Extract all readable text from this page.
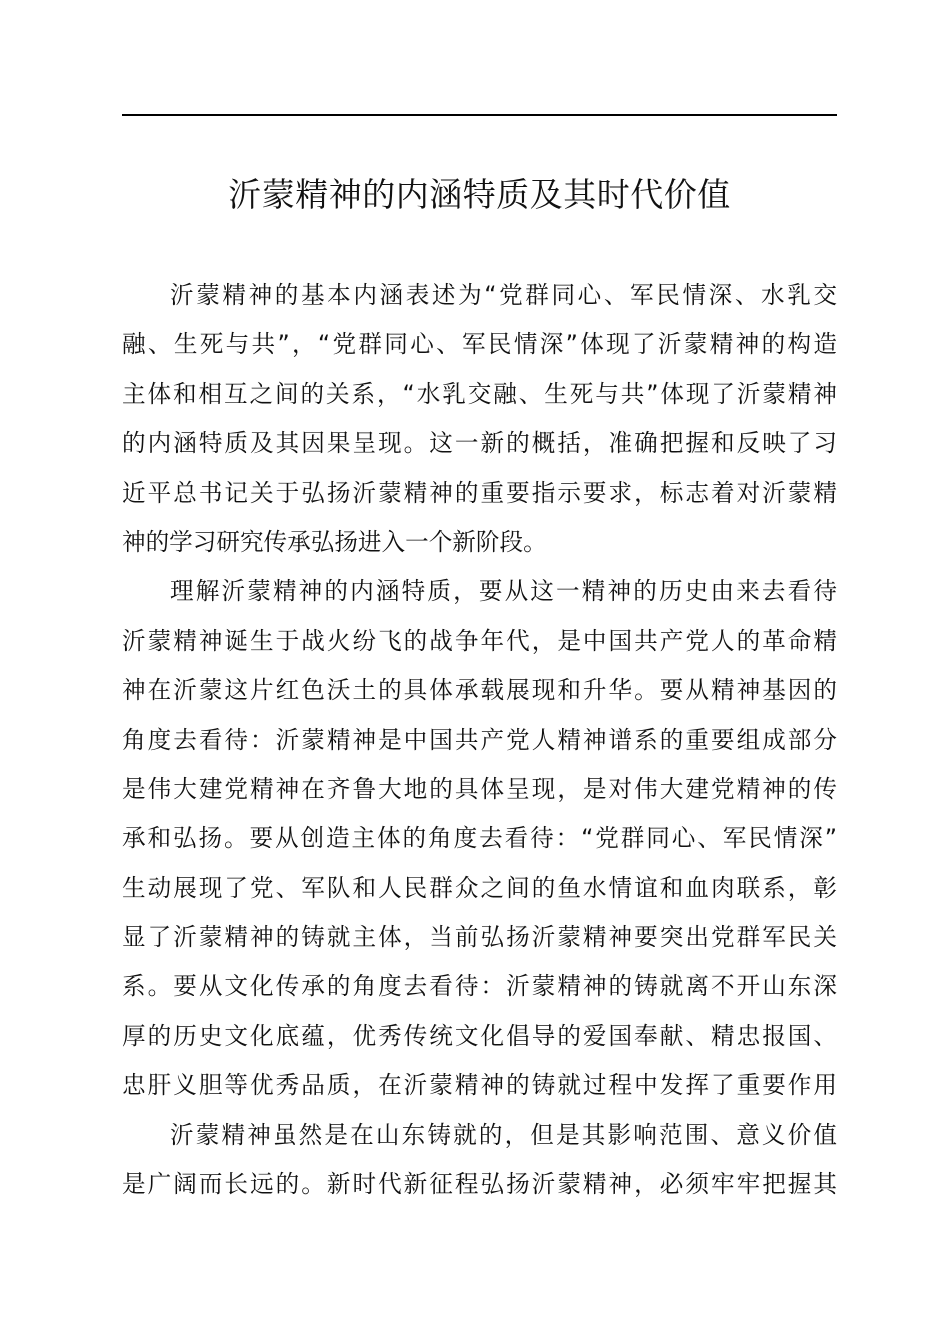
沂蒙精神的内涵特质及其时代价值
沂蒙精神的基本内涵表述为“党群同心、军民情深、水乳交
融、生死与共”，“党群同心、军民情深”体现了沂蒙精神的构造
主体和相互之间的关系，“水乳交融、生死与共”体现了沂蒙精神
的内涵特质及其因果呈现。这一新的概括，准确把握和反映了习
近平总书记关于弘扬沂蒙精神的重要指示要求，标志着对沂蒙精
神的学习研究传承弘扬进入一个新阶段。
理解沂蒙精神的内涵特质，要从这一精神的历史由来去看待
沂蒙精神诞生于战火纷飞的战争年代，是中国共产党人的革命精
神在沂蒙这片红色沃土的具体承载展现和升华。要从精神基因的
角度去看待：沂蒙精神是中国共产党人精神谱系的重要组成部分
是伟大建党精神在齐鲁大地的具体呈现，是对伟大建党精神的传
承和弘扬。要从创造主体的角度去看待：“党群同心、军民情深”
生动展现了党、军队和人民群众之间的鱼水情谊和血肉联系，彰
显了沂蒙精神的铸就主体，当前弘扬沂蒙精神要突出党群军民关
系。要从文化传承的角度去看待：沂蒙精神的铸就离不开山东深
厚的历史文化底蕴，优秀传统文化倡导的爱国奉献、精忠报国、
忠肝义胆等优秀品质，在沂蒙精神的铸就过程中发挥了重要作用
沂蒙精神虽然是在山东铸就的，但是其影响范围、意义价值
是广阔而长远的。新时代新征程弘扬沂蒙精神，必须牢牢把握其
